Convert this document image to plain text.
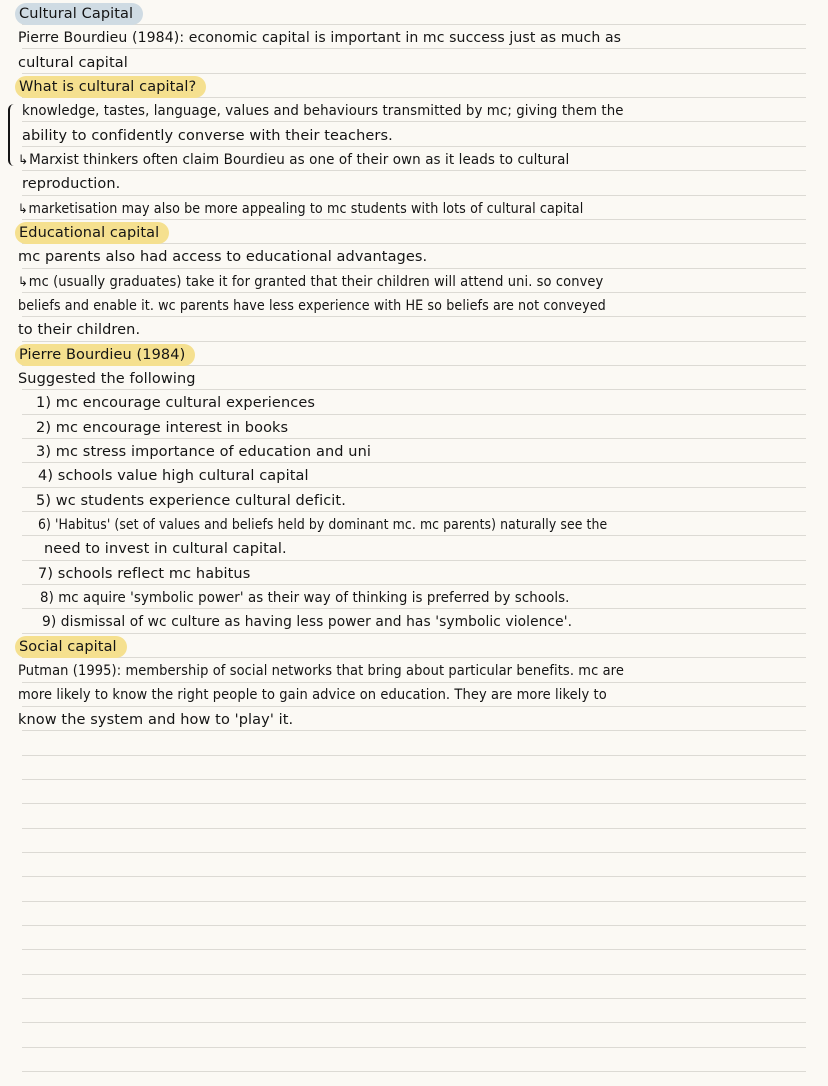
Cultural Capital
Pierre Bourdieu (1984): economic capital is important in mc success just as much as
cultural capital
What is cultural capital?
knowledge, tastes, language, values and behaviours transmitted by mc; giving them the
ability to confidently converse with their teachers.
↳Marxist thinkers often claim Bourdieu as one of their own as it leads to cultural
reproduction.
↳marketisation may also be more appealing to mc students with lots of cultural capital
Educational capital
mc parents also had access to educational advantages.
↳mc (usually graduates) take it for granted that their children will attend uni. so convey
beliefs and enable it. wc parents have less experience with HE so beliefs are not conveyed
to their children.
Pierre Bourdieu (1984)
Suggested the following
1) mc encourage cultural experiences
2) mc encourage interest in books
3) mc stress importance of education and uni
4) schools value high cultural capital
5) wc students experience cultural deficit.
6) 'Habitus' (set of values and beliefs held by dominant mc. mc parents) naturally see the
need to invest in cultural capital.
7) schools reflect mc habitus
8) mc aquire 'symbolic power' as their way of thinking is preferred by schools.
9) dismissal of wc culture as having less power and has 'symbolic violence'.
Social capital
Putman (1995): membership of social networks that bring about particular benefits. mc are
more likely to know the right people to gain advice on education. They are more likely to
know the system and how to 'play' it.
